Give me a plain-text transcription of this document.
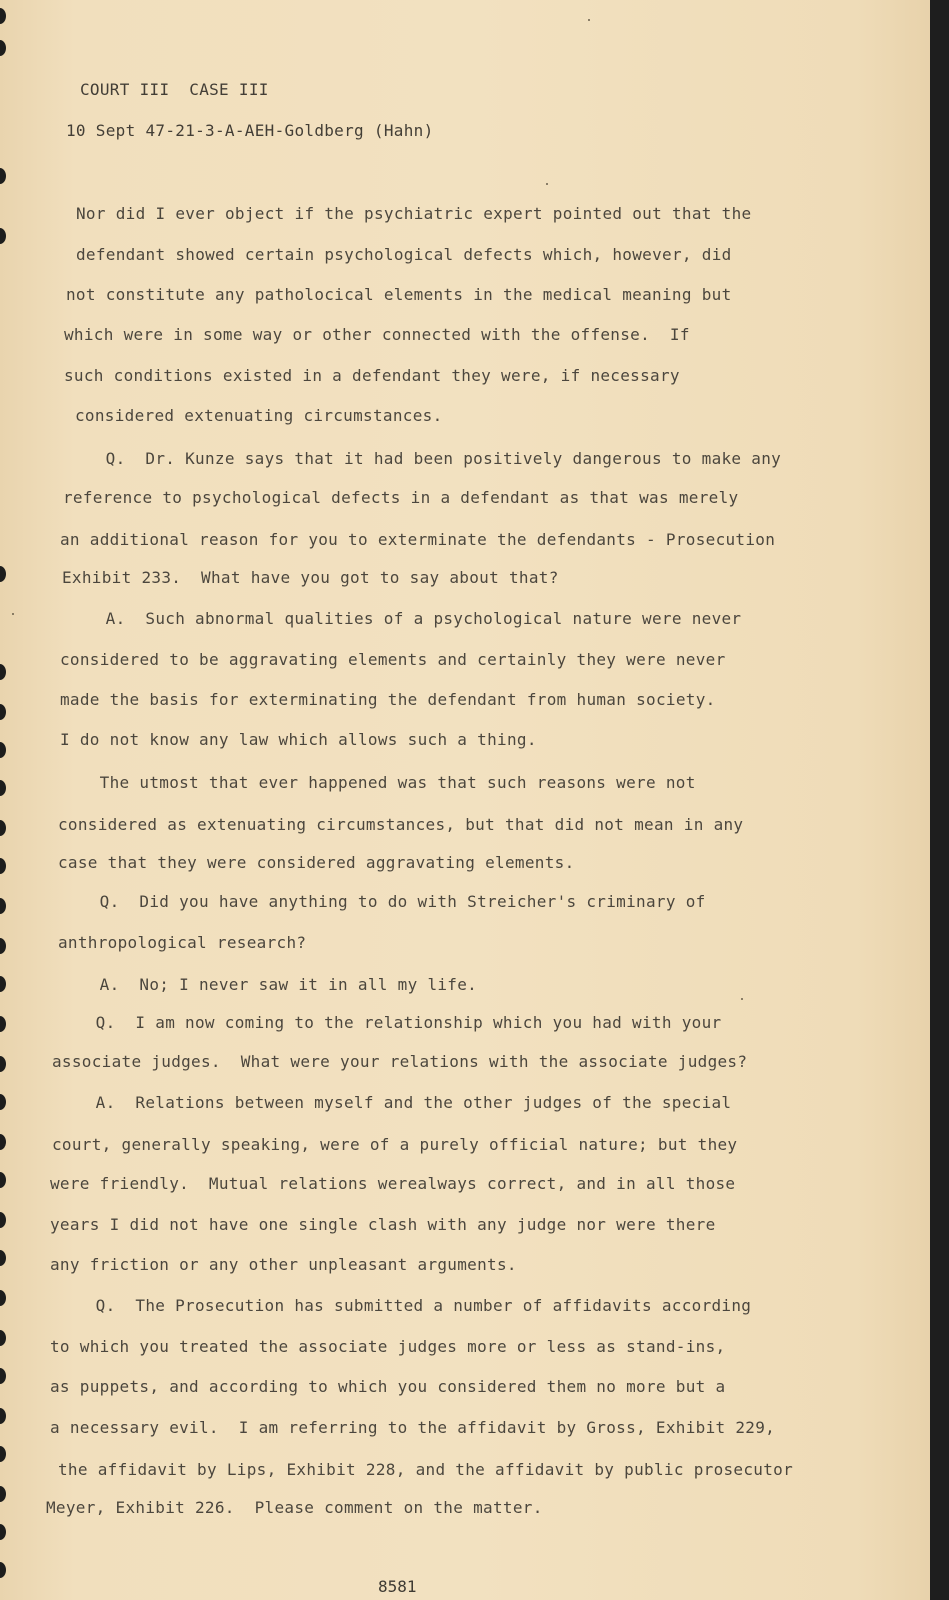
COURT III  CASE III
10 Sept 47-21-3-A-AEH-Goldberg (Hahn)
Nor did I ever object if the psychiatric expert pointed out that the
defendant showed certain psychological defects which, however, did
not constitute any patholocical elements in the medical meaning but
which were in some way or other connected with the offense.  If
such conditions existed in a defendant they were, if necessary
considered extenuating circumstances.
Q.  Dr. Kunze says that it had been positively dangerous to make any
reference to psychological defects in a defendant as that was merely
an additional reason for you to exterminate the defendants - Prosecution
Exhibit 233.  What have you got to say about that?
A.  Such abnormal qualities of a psychological nature were never
considered to be aggravating elements and certainly they were never
made the basis for exterminating the defendant from human society.
I do not know any law which allows such a thing.
The utmost that ever happened was that such reasons were not
considered as extenuating circumstances, but that did not mean in any
case that they were considered aggravating elements.
Q.  Did you have anything to do with Streicher's criminary of
anthropological research?
A.  No; I never saw it in all my life.
Q.  I am now coming to the relationship which you had with your
associate judges.  What were your relations with the associate judges?
A.  Relations between myself and the other judges of the special
court, generally speaking, were of a purely official nature; but they
were friendly.  Mutual relations werealways correct, and in all those
years I did not have one single clash with any judge nor were there
any friction or any other unpleasant arguments.
Q.  The Prosecution has submitted a number of affidavits according
to which you treated the associate judges more or less as stand-ins,
as puppets, and according to which you considered them no more but a
a necessary evil.  I am referring to the affidavit by Gross, Exhibit 229,
the affidavit by Lips, Exhibit 228, and the affidavit by public prosecutor
Meyer, Exhibit 226.  Please comment on the matter.
8581
